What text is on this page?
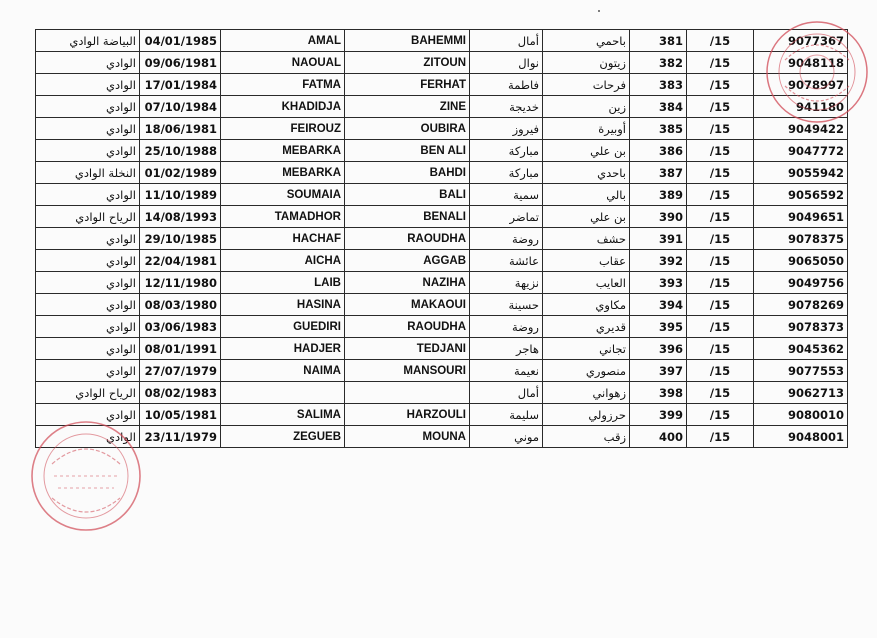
البياضة الوادي	04/01/1985	AMAL	BAHEMMI	أمال	باحمي	381	/15	9077367
الوادي	09/06/1981	NAOUAL	ZITOUN	نوال	زيتون	382	/15	9048118
الوادي	17/01/1984	FATMA	FERHAT	فاطمة	فرحات	383	/15	9078997
الوادي	07/10/1984	KHADIDJA	ZINE	خديجة	زين	384	/15	941180
الوادي	18/06/1981	FEIROUZ	OUBIRA	فيروز	أوبيرة	385	/15	9049422
الوادي	25/10/1988	MEBARKA	BEN ALI	مباركة	بن علي	386	/15	9047772
النخلة الوادي	01/02/1989	MEBARKA	BAHDI	مباركة	باحدي	387	/15	9055942
الوادي	11/10/1989	SOUMAIA	BALI	سمية	بالي	389	/15	9056592
الرياح الوادي	14/08/1993	TAMADHOR	BENALI	تماضر	بن علي	390	/15	9049651
الوادي	29/10/1985	HACHAF	RAOUDHA	روضة	حشف	391	/15	9078375
الوادي	22/04/1981	AICHA	AGGAB	عائشة	عقاب	392	/15	9065050
الوادي	12/11/1980	LAIB	NAZIHA	نزيهة	العايب	393	/15	9049756
الوادي	08/03/1980	HASINA	MAKAOUI	حسينة	مكاوي	394	/15	9078269
الوادي	03/06/1983	GUEDIRI	RAOUDHA	روضة	قديري	395	/15	9078373
الوادي	08/01/1991	HADJER	TEDJANI	هاجر	تجاني	396	/15	9045362
الوادي	27/07/1979	NAIMA	MANSOURI	نعيمة	منصوري	397	/15	9077553
الرياح الوادي	08/02/1983			أمال	زهواني	398	/15	9062713
الوادي	10/05/1981	SALIMA	HARZOULI	سليمة	حرزولي	399	/15	9080010
الوادي	23/11/1979	ZEGUEB	MOUNA	موني	زقب	400	/15	9048001
